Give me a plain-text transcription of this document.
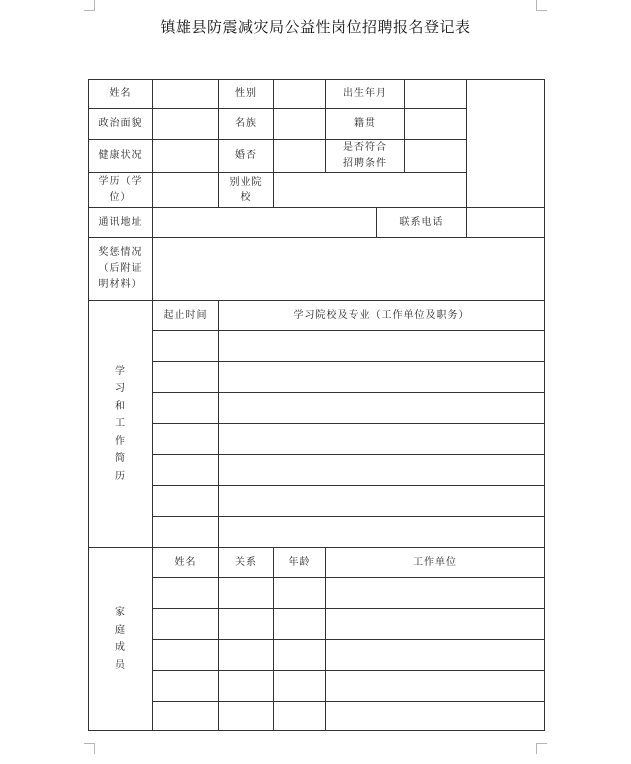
镇雄县防震减灾局公益性岗位招聘报名登记表
姓名		性别		出生年月			
政治面貌		名族		籍贯			
健康状况		婚否		是否符合招聘条件			
学历（学位）		别业院校					
通讯地址					联系电话		
奖惩情况（后附证明材料）							
学习和工作简历	起止时间	学习院校及专业（工作单位及职务）					

家庭成员	姓名	关系	年龄	工作单位			
